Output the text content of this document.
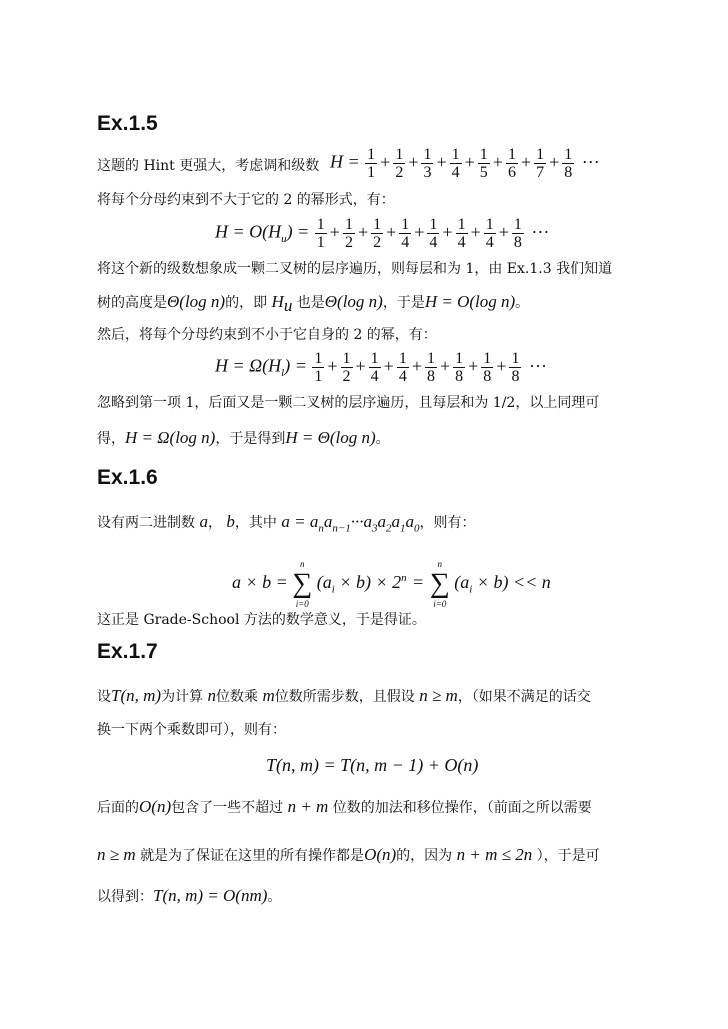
Ex.1.5
这题的 Hint 更强大，考虑调和级数 $H = \frac{1}{1} + \frac{1}{2} + \frac{1}{3} + \frac{1}{4} + \frac{1}{5} + \frac{1}{6} + \frac{1}{7} + \frac{1}{8}$ ···
将每个分母约束到不大于它的 2 的幂形式，有：
$H = O(H_u) = \frac{1}{1} + \frac{1}{2} + \frac{1}{2} + \frac{1}{4} + \frac{1}{4} + \frac{1}{4} + \frac{1}{4} + \frac{1}{8}$ ···
将这个新的级数想象成一颗二叉树的层序遍历，则每层和为 1，由 Ex.1.3 我们知道
树的高度是Θ(log n)的，即 $H_u$ 也是Θ(log n)，于是H = O(log n)。
然后，将每个分母约束到不小于它自身的 2 的幂，有：
$H = \Omega(H_l) = \frac{1}{1} + \frac{1}{2} + \frac{1}{4} + \frac{1}{4} + \frac{1}{8} + \frac{1}{8} + \frac{1}{8} + \frac{1}{8}$ ···
忽略到第一项 1，后面又是一颗二叉树的层序遍历，且每层和为 1/2，以上同理可
得，H = Ω(log n)，于是得到H = Θ(log n)。
Ex.1.6
设有两二进制数 a， b，其中 $a = a_na_{n-1}\cdot\cdot\cdot a_3a_2a_1a_0$，则有：
a × b =
n
∑
i=0
$(a_i \times b) \times 2^n$ =
n
∑
i=0
$(a_i \times b) << n$
这正是 Grade-School 方法的数学意义，于是得证。
Ex.1.7
设T(n, m)为计算 n位数乘 m位数所需步数，且假设 n ≥ m，（如果不满足的话交
换一下两个乘数即可），则有：
T(n, m) = T(n, m − 1) + O(n)
后面的O(n)包含了一些不超过 n + m 位数的加法和移位操作，（前面之所以需要
n ≥ m 就是为了保证在这里的所有操作都是O(n)的，因为 n + m ≤ 2n ），于是可
以得到：T(n, m) = O(nm)。
